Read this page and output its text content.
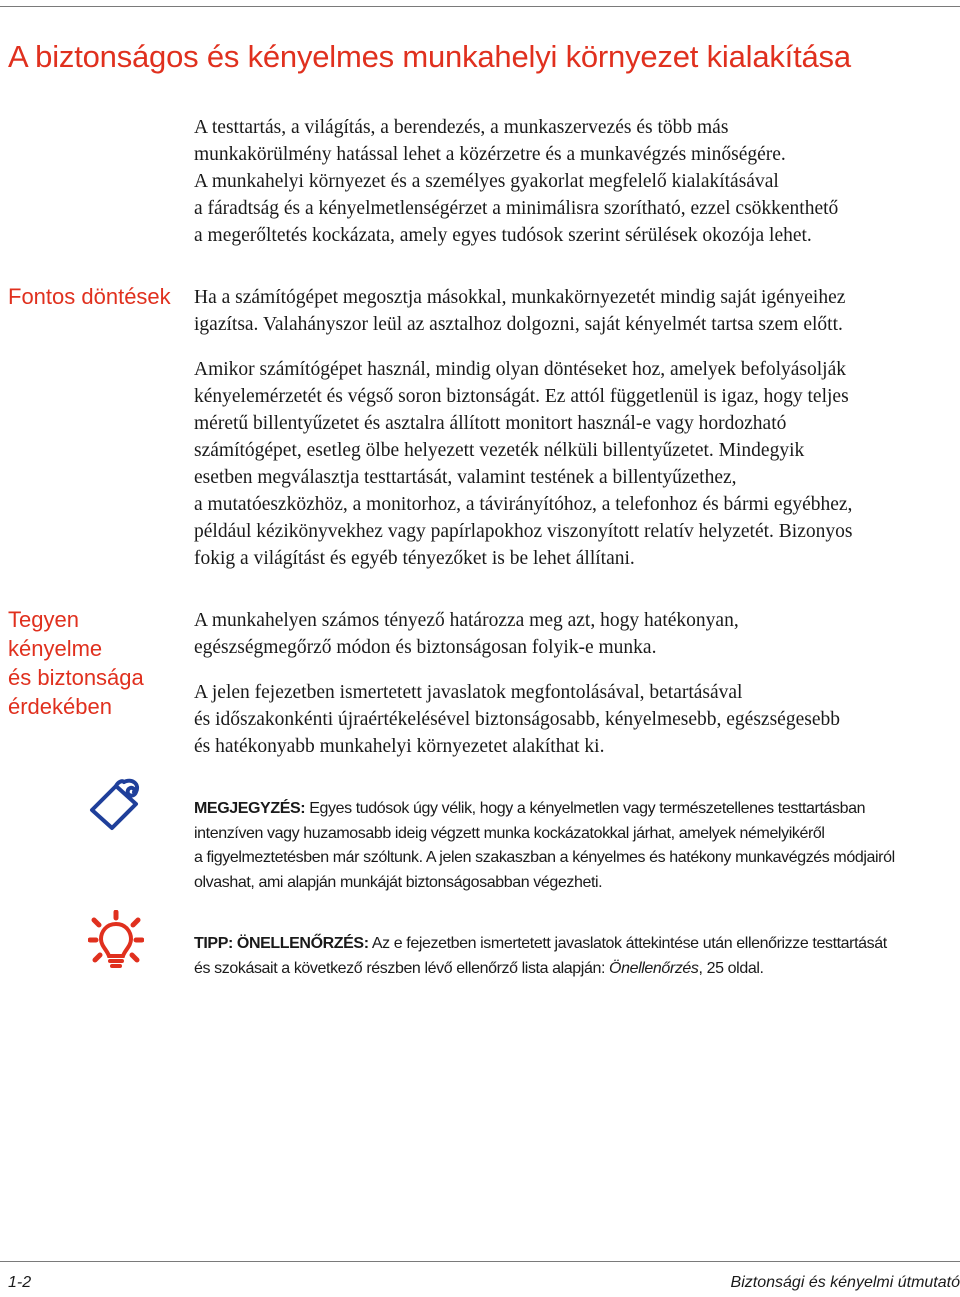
A biztonságos és kényelmes munkahelyi környezet kialakítása

A testtartás, a világítás, a berendezés, a munkaszervezés és több más
munkakörülmény hatással lehet a közérzetre és a munkavégzés minőségére.
A munkahelyi környezet és a személyes gyakorlat megfelelő kialakításával
a fáradtság és a kényelmetlenségérzet a minimálisra szorítható, ezzel csökkenthető
a megerőltetés kockázata, amely egyes tudósok szerint sérülések okozója lehet.

Fontos döntések	Ha a számítógépet megosztja másokkal, munkakörnyezetét mindig saját igényeihez
igazítsa. Valahányszor leül az asztalhoz dolgozni, saját kényelmét tartsa szem előtt.

Amikor számítógépet használ, mindig olyan döntéseket hoz, amelyek befolyásolják
kényelemérzetét és végső soron biztonságát. Ez attól függetlenül is igaz, hogy teljes
méretű billentyűzetet és asztalra állított monitort használ-e vagy hordozható
számítógépet, esetleg ölbe helyezett vezeték nélküli billentyűzetet. Mindegyik
esetben megválasztja testtartását, valamint testének a billentyűzethez,
a mutatóeszközhöz, a monitorhoz, a távirányítóhoz, a telefonhoz és bármi egyébhez,
például kézikönyvekhez vagy papírlapokhoz viszonyított relatív helyzetét. Bizonyos
fokig a világítást és egyéb tényezőket is be lehet állítani.

Tegyen
kényelme
és biztonsága
érdekében

A munkahelyen számos tényező határozza meg azt, hogy hatékonyan,
egészségmegőrző módon és biztonságosan folyik-e munka.

A jelen fejezetben ismertetett javaslatok megfontolásával, betartásával
és időszakonkénti újraértékelésével biztonságosabb, kényelmesebb, egészségesebb
és hatékonyabb munkahelyi környezetet alakíthat ki.

MEGJEGYZÉS: Egyes tudósok úgy vélik, hogy a kényelmetlen vagy természetellenes testtartásban
intenzíven vagy huzamosabb ideig végzett munka kockázatokkal járhat, amelyek némelyikéről
a figyelmeztetésben már szóltunk. A jelen szakaszban a kényelmes és hatékony munkavégzés módjairól
olvashat, ami alapján munkáját biztonságosabban végezheti.

TIPP: ÖNELLENŐRZÉS: Az e fejezetben ismertetett javaslatok áttekintése után ellenőrizze testtartását
és szokásait a következő részben lévő ellenőrző lista alapján: Önellenőrzés, 25 oldal.

1-2	Biztonsági és kényelmi útmutató
